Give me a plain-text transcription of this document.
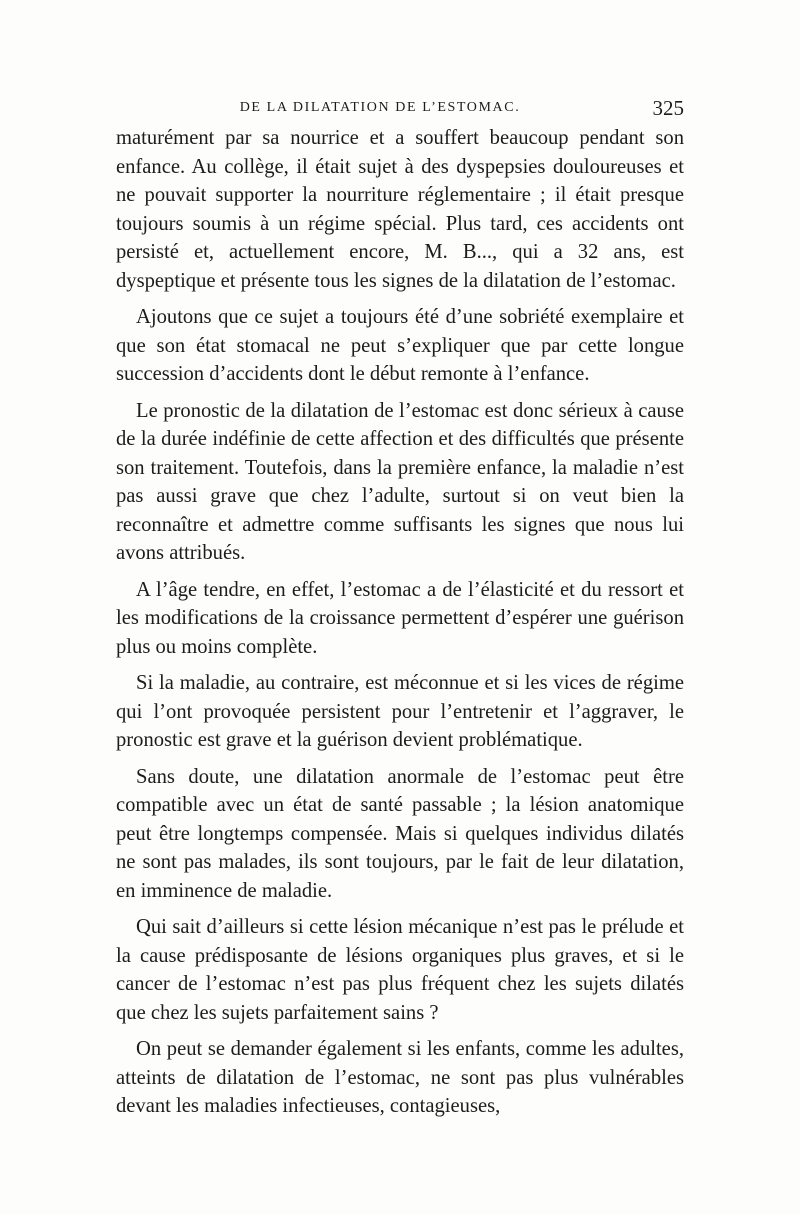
DE LA DILATATION DE L’ESTOMAC.	325

maturément par sa nourrice et a souffert beaucoup pendant son enfance. Au collège, il était sujet à des dyspepsies douloureuses et ne pouvait supporter la nourriture réglementaire ; il était presque toujours soumis à un régime spécial. Plus tard, ces accidents ont persisté et, actuellement encore, M. B..., qui a 32 ans, est dyspeptique et présente tous les signes de la dilatation de l’estomac.

Ajoutons que ce sujet a toujours été d’une sobriété exemplaire et que son état stomacal ne peut s’expliquer que par cette longue succession d’accidents dont le début remonte à l’enfance.

Le pronostic de la dilatation de l’estomac est donc sérieux à cause de la durée indéfinie de cette affection et des difficultés que présente son traitement. Toutefois, dans la première enfance, la maladie n’est pas aussi grave que chez l’adulte, surtout si on veut bien la reconnaître et admettre comme suffisants les signes que nous lui avons attribués.

A l’âge tendre, en effet, l’estomac a de l’élasticité et du ressort et les modifications de la croissance permettent d’espérer une guérison plus ou moins complète.

Si la maladie, au contraire, est méconnue et si les vices de régime qui l’ont provoquée persistent pour l’entretenir et l’aggraver, le pronostic est grave et la guérison devient problématique.

Sans doute, une dilatation anormale de l’estomac peut être compatible avec un état de santé passable ; la lésion anatomique peut être longtemps compensée. Mais si quelques individus dilatés ne sont pas malades, ils sont toujours, par le fait de leur dilatation, en imminence de maladie.

Qui sait d’ailleurs si cette lésion mécanique n’est pas le prélude et la cause prédisposante de lésions organiques plus graves, et si le cancer de l’estomac n’est pas plus fréquent chez les sujets dilatés que chez les sujets parfaitement sains ?

On peut se demander également si les enfants, comme les adultes, atteints de dilatation de l’estomac, ne sont pas plus vulnérables devant les maladies infectieuses, contagieuses,
